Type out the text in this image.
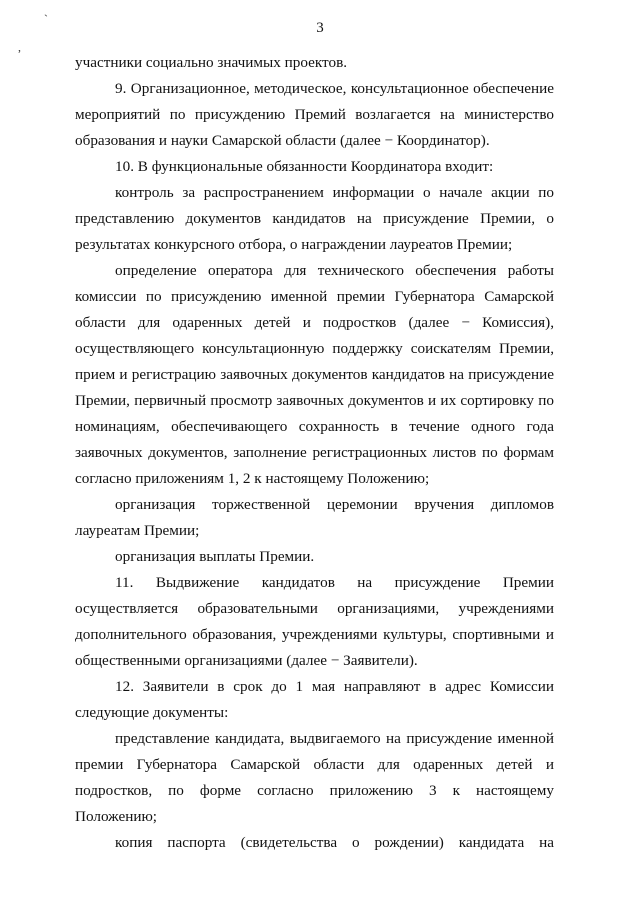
`
,
3

участники социально значимых проектов.

9. Организационное, методическое, консультационное обеспечение мероприятий по присуждению Премий возлагается на министерство образования и науки Самарской области (далее − Координатор).

10. В функциональные обязанности Координатора входит:

контроль за распространением информации о начале акции по представлению документов кандидатов на присуждение Премии, о результатах конкурсного отбора, о награждении лауреатов Премии;

определение оператора для технического обеспечения работы комиссии по присуждению именной премии Губернатора Самарской области для одаренных детей и подростков (далее − Комиссия), осуществляющего консультационную поддержку соискателям Премии, прием и регистрацию заявочных документов кандидатов на присуждение Премии, первичный просмотр заявочных документов и их сортировку по номинациям, обеспечивающего сохранность в течение одного года заявочных документов, заполнение регистрационных листов по формам согласно приложениям 1, 2 к настоящему Положению;

организация торжественной церемонии вручения дипломов лауреатам Премии;

организация выплаты Премии.

11. Выдвижение кандидатов на присуждение Премии осуществляется образовательными организациями, учреждениями дополнительного образования, учреждениями культуры, спортивными и общественными организациями (далее − Заявители).

12. Заявители в срок до 1 мая направляют в адрес Комиссии следующие документы:

представление кандидата, выдвигаемого на присуждение именной премии Губернатора Самарской области для одаренных детей и подростков, по форме согласно приложению 3 к настоящему Положению;

копия паспорта (свидетельства о рождении) кандидата на
